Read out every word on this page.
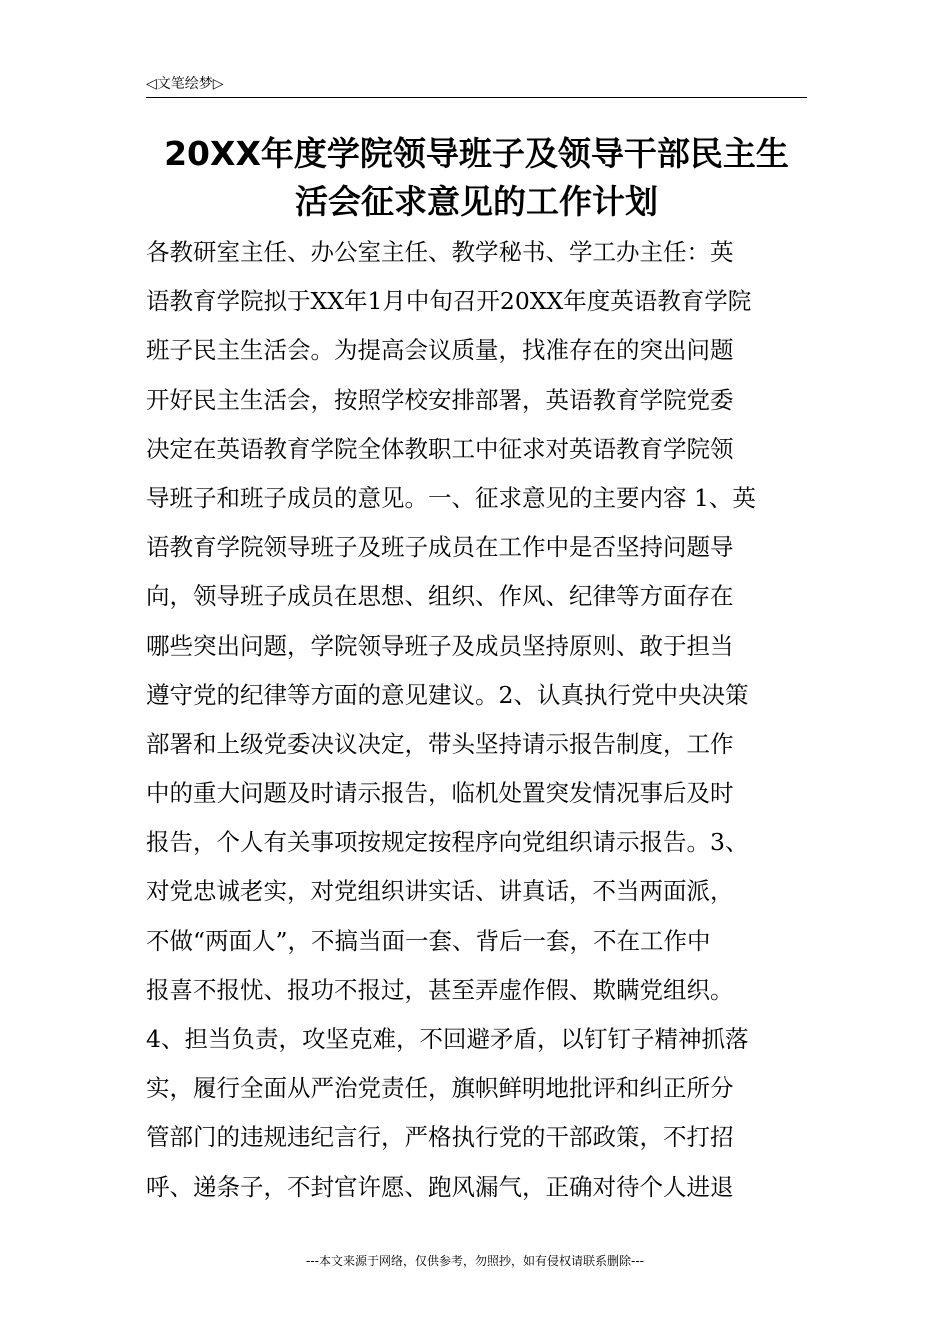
◁文笔绘梦▷
20XX年度学院领导班子及领导干部民主生
活会征求意见的工作计划
各教研室主任、办公室主任、教学秘书、学工办主任：英
语教育学院拟于XX年1月中旬召开20XX年度英语教育学院
班子民主生活会。为提高会议质量，找准存在的突出问题
开好民主生活会，按照学校安排部署，英语教育学院党委
决定在英语教育学院全体教职工中征求对英语教育学院领
导班子和班子成员的意见。一、征求意见的主要内容 1、英
语教育学院领导班子及班子成员在工作中是否坚持问题导
向，领导班子成员在思想、组织、作风、纪律等方面存在
哪些突出问题，学院领导班子及成员坚持原则、敢于担当
遵守党的纪律等方面的意见建议。2、认真执行党中央决策
部署和上级党委决议决定，带头坚持请示报告制度，工作
中的重大问题及时请示报告，临机处置突发情况事后及时
报告，个人有关事项按规定按程序向党组织请示报告。3、
对党忠诚老实，对党组织讲实话、讲真话，不当两面派，
不做“两面人”，不搞当面一套、背后一套，不在工作中
报喜不报忧、报功不报过，甚至弄虚作假、欺瞒党组织。
4、担当负责，攻坚克难，不回避矛盾，以钉钉子精神抓落
实，履行全面从严治党责任，旗帜鲜明地批评和纠正所分
管部门的违规违纪言行，严格执行党的干部政策，不打招
呼、递条子，不封官许愿、跑风漏气，正确对待个人进退
---本文来源于网络，仅供参考，勿照抄，如有侵权请联系删除---
